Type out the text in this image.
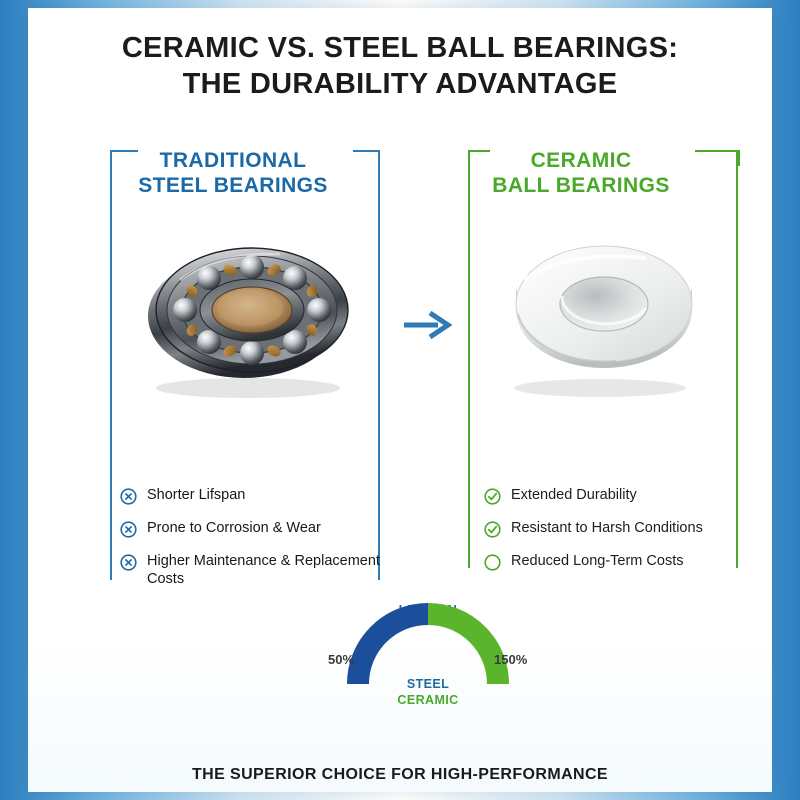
CERAMIC VS. STEEL BALL BEARINGS:
THE DURABILITY ADVANTAGE
TRADITIONAL
STEEL BEARINGS
CERAMIC
BALL BEARINGS
Shorter Lifspan
Prone to Corrosion & Wear
Higher Maintenance & Replacement Costs
Extended Durability
Resistant to Harsh Conditions
Reduced Long-Term Costs
LIFSPAN
50%	150%
STEEL
CERAMIC
THE SUPERIOR CHOICE FOR HIGH-PERFORMANCE
